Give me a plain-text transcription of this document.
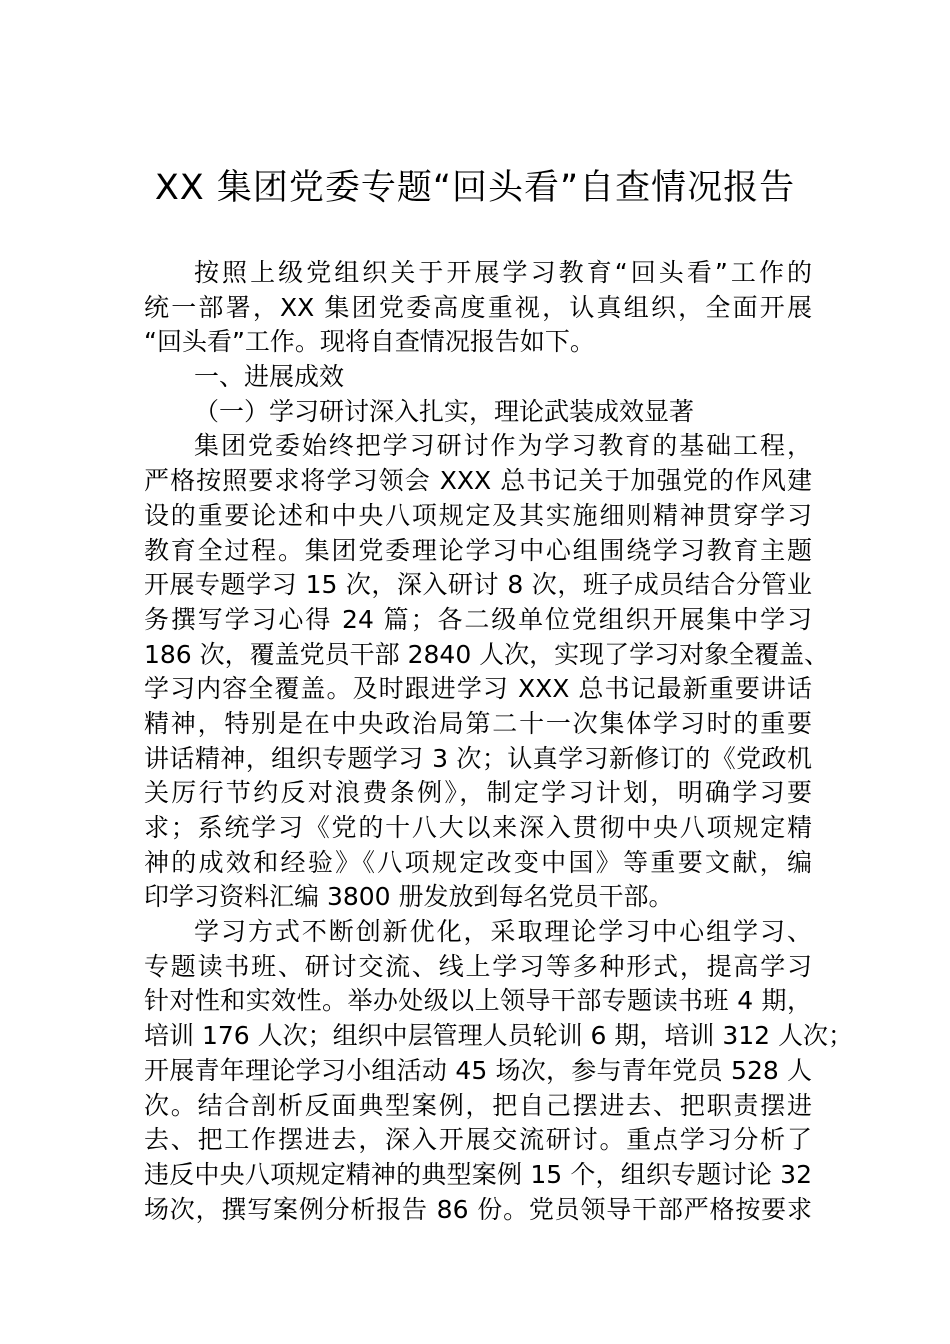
XX 集团党委专题“回头看”自查情况报告
按照上级党组织关于开展学习教育“回头看”工作的
统一部署，XX 集团党委高度重视，认真组织，全面开展
“回头看”工作。现将自查情况报告如下。
一、进展成效
（一）学习研讨深入扎实，理论武装成效显著
集团党委始终把学习研讨作为学习教育的基础工程，
严格按照要求将学习领会 XXX 总书记关于加强党的作风建
设的重要论述和中央八项规定及其实施细则精神贯穿学习
教育全过程。集团党委理论学习中心组围绕学习教育主题
开展专题学习 15 次，深入研讨 8 次，班子成员结合分管业
务撰写学习心得 24 篇；各二级单位党组织开展集中学习
186 次，覆盖党员干部 2840 人次，实现了学习对象全覆盖、
学习内容全覆盖。及时跟进学习 XXX 总书记最新重要讲话
精神，特别是在中央政治局第二十一次集体学习时的重要
讲话精神，组织专题学习 3 次；认真学习新修订的《党政机
关厉行节约反对浪费条例》，制定学习计划，明确学习要
求；系统学习《党的十八大以来深入贯彻中央八项规定精
神的成效和经验》《八项规定改变中国》等重要文献，编
印学习资料汇编 3800 册发放到每名党员干部。
学习方式不断创新优化，采取理论学习中心组学习、
专题读书班、研讨交流、线上学习等多种形式，提高学习
针对性和实效性。举办处级以上领导干部专题读书班 4 期，
培训 176 人次；组织中层管理人员轮训 6 期，培训 312 人次；
开展青年理论学习小组活动 45 场次，参与青年党员 528 人
次。结合剖析反面典型案例，把自己摆进去、把职责摆进
去、把工作摆进去，深入开展交流研讨。重点学习分析了
违反中央八项规定精神的典型案例 15 个，组织专题讨论 32
场次，撰写案例分析报告 86 份。党员领导干部严格按要求
